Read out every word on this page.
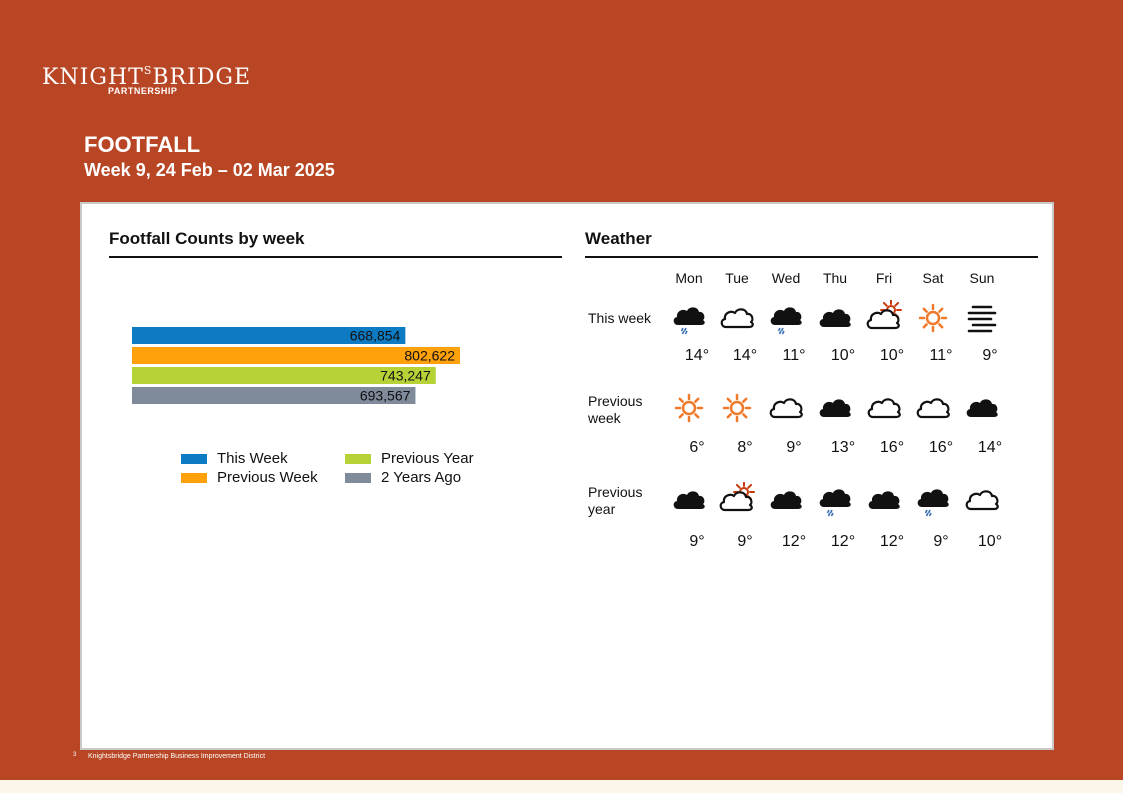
$KNIGHT^SBRIDGE$
PARTNERSHIP
FOOTFALL
Week 9, 24 Feb – 02 Mar 2025
Footfall Counts by week
668,854
802,622
743,247
693,567
This Week
Previous Week
Previous Year
2 Years Ago
Weather
Mon	Tue	Wed	Thu	Fri	Sat	Sun
This week
14°	14°	11°	10°	10°	11°	9°
Previous week
6°	8°	9°	13°	16°	16°	14°
Previous year
9°	9°	12°	12°	12°	9°	10°
3 Knightsbridge Partnership Business Improvement District
